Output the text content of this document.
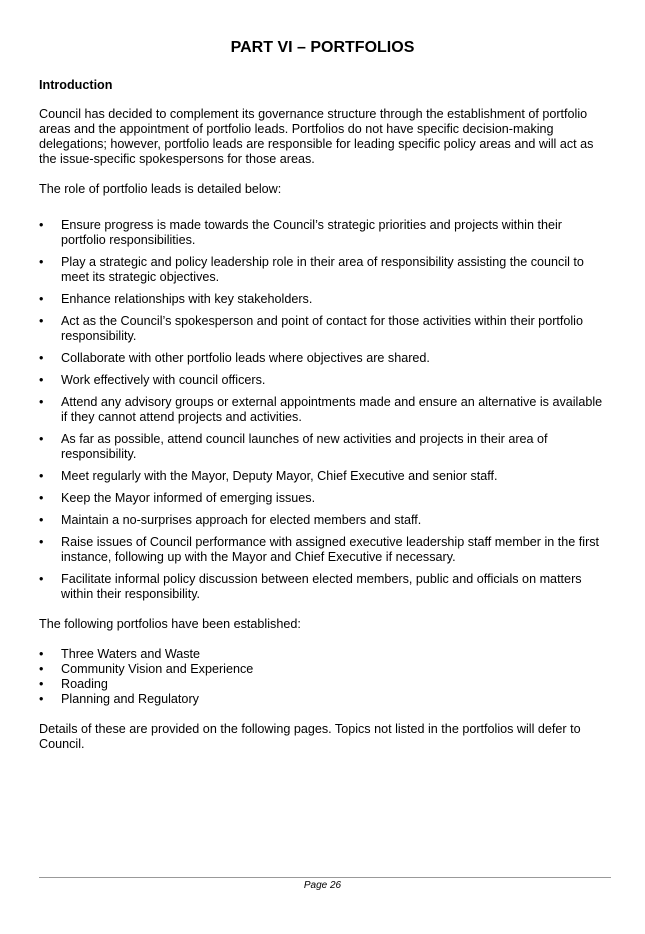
PART VI – PORTFOLIOS
Introduction

Council has decided to complement its governance structure through the establishment of portfolio areas and the appointment of portfolio leads. Portfolios do not have specific decision-making delegations; however, portfolio leads are responsible for leading specific policy areas and will act as the issue-specific spokespersons for those areas.

The role of portfolio leads is detailed below:

• Ensure progress is made towards the Council’s strategic priorities and projects within their portfolio responsibilities.
• Play a strategic and policy leadership role in their area of responsibility assisting the council to meet its strategic objectives.
• Enhance relationships with key stakeholders.
• Act as the Council’s spokesperson and point of contact for those activities within their portfolio responsibility.
• Collaborate with other portfolio leads where objectives are shared.
• Work effectively with council officers.
• Attend any advisory groups or external appointments made and ensure an alternative is available if they cannot attend projects and activities.
• As far as possible, attend council launches of new activities and projects in their area of responsibility.
• Meet regularly with the Mayor, Deputy Mayor, Chief Executive and senior staff.
• Keep the Mayor informed of emerging issues.
• Maintain a no-surprises approach for elected members and staff.
• Raise issues of Council performance with assigned executive leadership staff member in the first instance, following up with the Mayor and Chief Executive if necessary.
• Facilitate informal policy discussion between elected members, public and officials on matters within their responsibility.

The following portfolios have been established:

• Three Waters and Waste
• Community Vision and Experience
• Roading
• Planning and Regulatory

Details of these are provided on the following pages. Topics not listed in the portfolios will defer to Council.

Page 26
